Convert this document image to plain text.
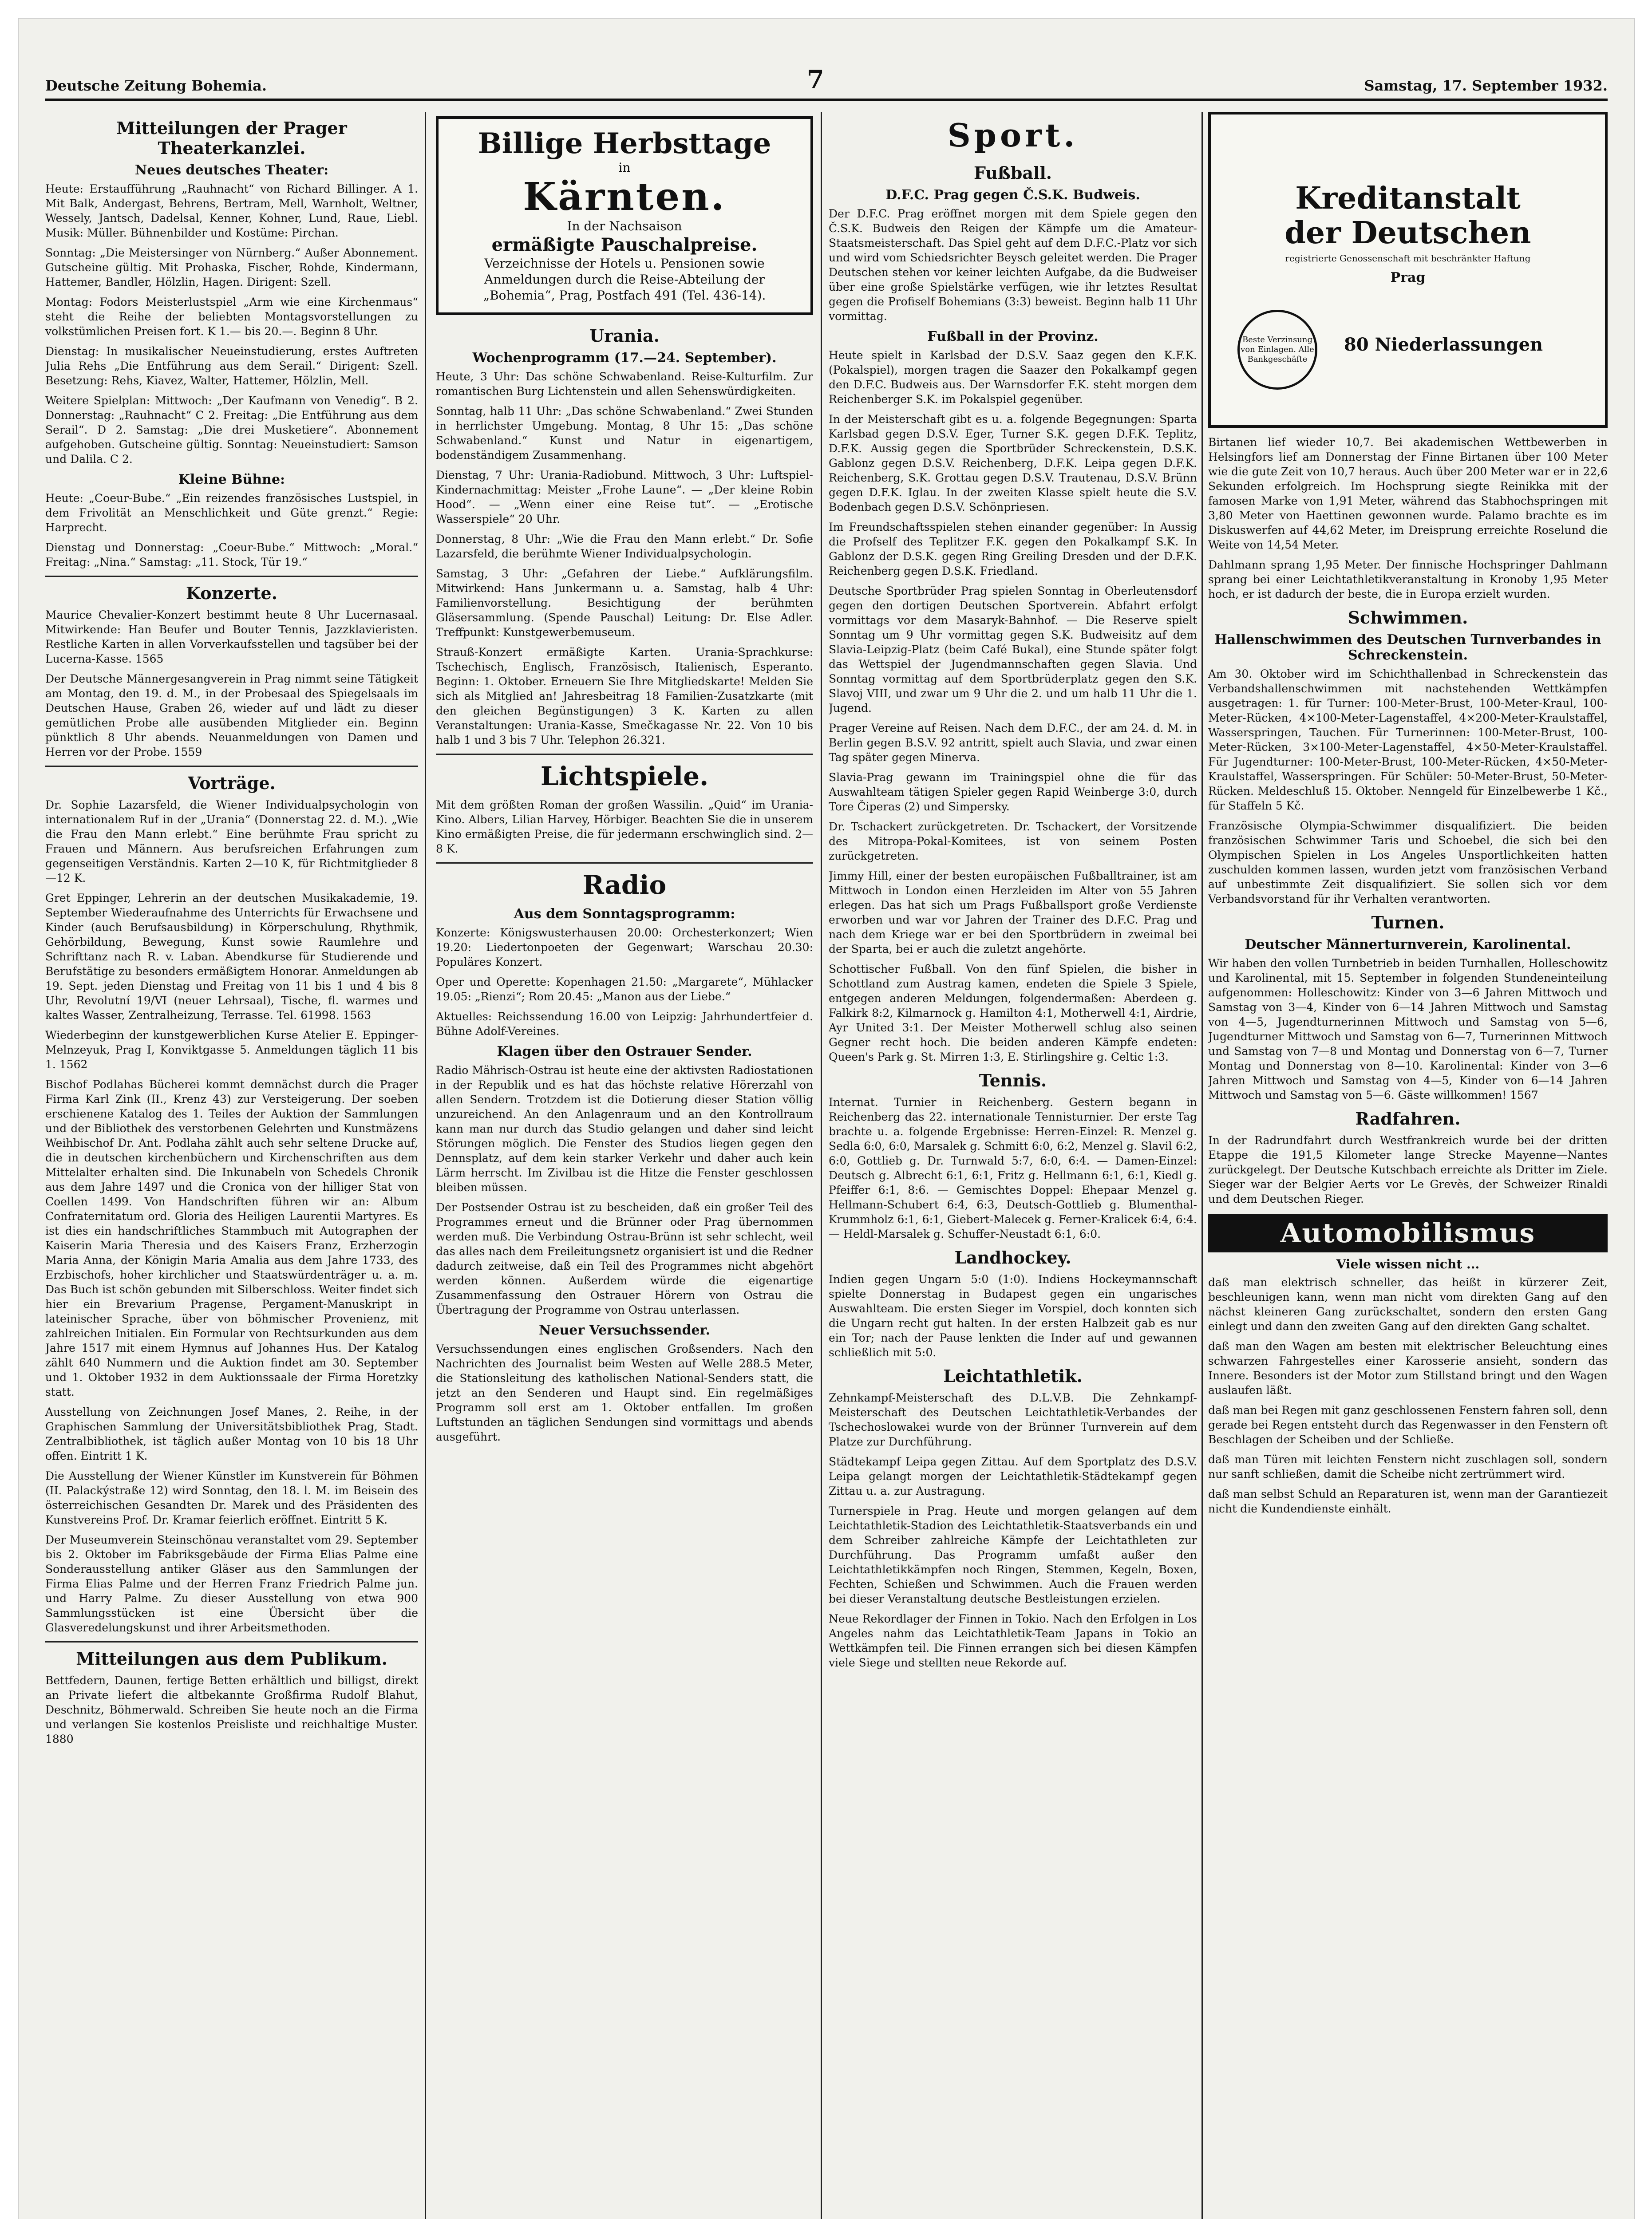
Deutsche Zeitung Bohemia.	7	Samstag, 17. September 1932.
Mitteilungen der Prager Theaterkanzlei.
Neues deutsches Theater:

Heute: Erstaufführung „Rauhnacht“ von Richard Billinger. A 1. Mit Balk, Andergast, Behrens, Bertram, Mell, Warnholt, Weltner, Wessely, Jantsch, Dadelsal, Kenner, Kohner, Lund, Raue, Liebl. Musik: Müller. Bühnenbilder und Kostüme: Pirchan.

Sonntag: „Die Meistersinger von Nürnberg.“ Außer Abonnement. Gutscheine gültig. Mit Prohaska, Fischer, Rohde, Kindermann, Hattemer, Bandler, Hölzlin, Hagen. Dirigent: Szell.

Montag: Fodors Meisterlustspiel „Arm wie eine Kirchenmaus“ steht die Reihe der beliebten Montagsvorstellungen zu volkstümlichen Preisen fort. K 1.— bis 20.—. Beginn 8 Uhr.

Dienstag: In musikalischer Neueinstudierung, erstes Auftreten Julia Rehs „Die Entführung aus dem Serail.“ Dirigent: Szell. Besetzung: Rehs, Kiavez, Walter, Hattemer, Hölzlin, Mell.

Weitere Spielplan: Mittwoch: „Der Kaufmann von Venedig“. B 2. Donnerstag: „Rauhnacht“ C 2. Freitag: „Die Entführung aus dem Serail“. D 2. Samstag: „Die drei Musketiere“. Abonnement aufgehoben. Gutscheine gültig. Sonntag: Neueinstudiert: Samson und Dalila. C 2.

Kleine Bühne:

Heute: „Coeur-Bube.“ „Ein reizendes französisches Lustspiel, in dem Frivolität an Menschlichkeit und Güte grenzt.“ Regie: Harprecht.

Dienstag und Donnerstag: „Coeur-Bube.“ Mittwoch: „Moral.“ Freitag: „Nina.“ Samstag: „11. Stock, Tür 19.“

Konzerte.

Maurice Chevalier-Konzert bestimmt heute 8 Uhr Lucernasaal. Mitwirkende: Han Beufer und Bouter Tennis, Jazzklavieristen. Restliche Karten in allen Vorverkaufsstellen und tagsüber bei der Lucerna-Kasse. 1565

Der Deutsche Männergesangverein in Prag nimmt seine Tätigkeit am Montag, den 19. d. M., in der Probesaal des Spiegelsaals im Deutschen Hause, Graben 26, wieder auf und lädt zu dieser gemütlichen Probe alle ausübenden Mitglieder ein. Beginn pünktlich 8 Uhr abends. Neuanmeldungen von Damen und Herren vor der Probe. 1559

Vorträge.

Dr. Sophie Lazarsfeld, die Wiener Individualpsychologin von internationalem Ruf in der „Urania“ (Donnerstag 22. d. M.). „Wie die Frau den Mann erlebt.“ Eine berühmte Frau spricht zu Frauen und Männern. Aus berufsreichen Erfahrungen zum gegenseitigen Verständnis. Karten 2—10 K, für Richtmitglieder 8—12 K.

Gret Eppinger, Lehrerin an der deutschen Musikakademie, 19. September Wiederaufnahme des Unterrichts für Erwachsene und Kinder (auch Berufsausbildung) in Körperschulung, Rhythmik, Gehörbildung, Bewegung, Kunst sowie Raumlehre und Schrifttanz nach R. v. Laban. Abendkurse für Studierende und Berufstätige zu besonders ermäßigtem Honorar. Anmeldungen ab 19. Sept. jeden Dienstag und Freitag von 11 bis 1 und 4 bis 8 Uhr, Revolutní 19/VI (neuer Lehrsaal), Tische, fl. warmes und kaltes Wasser, Zentralheizung, Terrasse. Tel. 61998. 1563

Wiederbeginn der kunstgewerblichen Kurse Atelier E. Eppinger-Melnzeyuk, Prag I, Konviktgasse 5. Anmeldungen täglich 11 bis 1. 1562

Bischof Podlahas Bücherei kommt demnächst durch die Prager Firma Karl Zink (II., Krenz 43) zur Versteigerung. Der soeben erschienene Katalog des 1. Teiles der Auktion der Sammlungen und der Bibliothek des verstorbenen Gelehrten und Kunstmäzens Weihbischof Dr. Ant. Podlaha zählt auch sehr seltene Drucke auf, die in deutschen kirchenbüchern und Kirchenschriften aus dem Mittelalter erhalten sind. Die Inkunabeln von Schedels Chronik aus dem Jahre 1497 und die Cronica von der hilliger Stat von Coellen 1499. Von Handschriften führen wir an: Album Confraternitatum ord. Gloria des Heiligen Laurentii Martyres. Es ist dies ein handschriftliches Stammbuch mit Autographen der Kaiserin Maria Theresia und des Kaisers Franz, Erzherzogin Maria Anna, der Königin Maria Amalia aus dem Jahre 1733, des Erzbischofs, hoher kirchlicher und Staatswürdenträger u. a. m. Das Buch ist schön gebunden mit Silberschloss. Weiter findet sich hier ein Brevarium Pragense, Pergament-Manuskript in lateinischer Sprache, über von böhmischer Provenienz, mit zahlreichen Initialen. Ein Formular von Rechtsurkunden aus dem Jahre 1517 mit einem Hymnus auf Johannes Hus. Der Katalog zählt 640 Nummern und die Auktion findet am 30. September und 1. Oktober 1932 in dem Auktionssaale der Firma Horetzky statt.

Ausstellung von Zeichnungen Josef Manes, 2. Reihe, in der Graphischen Sammlung der Universitätsbibliothek Prag, Stadt. Zentralbibliothek, ist täglich außer Montag von 10 bis 18 Uhr offen. Eintritt 1 K.

Die Ausstellung der Wiener Künstler im Kunstverein für Böhmen (II. Palackýstraße 12) wird Sonntag, den 18. l. M. im Beisein des österreichischen Gesandten Dr. Marek und des Präsidenten des Kunstvereins Prof. Dr. Kramar feierlich eröffnet. Eintritt 5 K.

Der Museumverein Steinschönau veranstaltet vom 29. September bis 2. Oktober im Fabriksgebäude der Firma Elias Palme eine Sonderausstellung antiker Gläser aus den Sammlungen der Firma Elias Palme und der Herren Franz Friedrich Palme jun. und Harry Palme. Zu dieser Ausstellung von etwa 900 Sammlungsstücken ist eine Übersicht über die Glasveredelungskunst und ihrer Arbeitsmethoden.

Mitteilungen aus dem Publikum.

Bettfedern, Daunen, fertige Betten erhältlich und billigst, direkt an Private liefert die altbekannte Großfirma Rudolf Blahut, Deschnitz, Böhmerwald. Schreiben Sie heute noch an die Firma und verlangen Sie kostenlos Preisliste und reichhaltige Muster. 1880

Billige Herbsttage
in
Kärnten.
In der Nachsaison
ermäßigte Pauschalpreise.
Verzeichnisse der Hotels u. Pensionen sowie Anmeldungen durch die Reise-Abteilung der „Bohemia“, Prag, Postfach 491 (Tel. 436-14).
Urania.
Wochenprogramm (17.—24. September).

Heute, 3 Uhr: Das schöne Schwabenland. Reise-Kulturfilm. Zur romantischen Burg Lichtenstein und allen Sehenswürdigkeiten.

Sonntag, halb 11 Uhr: „Das schöne Schwabenland.“ Zwei Stunden in herrlichster Umgebung. Montag, 8 Uhr 15: „Das schöne Schwabenland.“ Kunst und Natur in eigenartigem, bodenständigem Zusammenhang.

Dienstag, 7 Uhr: Urania-Radiobund. Mittwoch, 3 Uhr: Luftspiel-Kindernachmittag: Meister „Frohe Laune“. — „Der kleine Robin Hood“. — „Wenn einer eine Reise tut“. — „Erotische Wasserspiele“ 20 Uhr.

Donnerstag, 8 Uhr: „Wie die Frau den Mann erlebt.“ Dr. Sofie Lazarsfeld, die berühmte Wiener Individualpsychologin.

Samstag, 3 Uhr: „Gefahren der Liebe.“ Aufklärungsfilm. Mitwirkend: Hans Junkermann u. a. Samstag, halb 4 Uhr: Familienvorstellung. Besichtigung der berühmten Gläsersammlung. (Spende Pauschal) Leitung: Dr. Else Adler. Treffpunkt: Kunstgewerbemuseum.

Strauß-Konzert ermäßigte Karten. Urania-Sprachkurse: Tschechisch, Englisch, Französisch, Italienisch, Esperanto. Beginn: 1. Oktober. Erneuern Sie Ihre Mitgliedskarte! Melden Sie sich als Mitglied an! Jahresbeitrag 18 Familien-Zusatzkarte (mit den gleichen Begünstigungen) 3 K. Karten zu allen Veranstaltungen: Urania-Kasse, Smečkagasse Nr. 22. Von 10 bis halb 1 und 3 bis 7 Uhr. Telephon 26.321.

Lichtspiele.

Mit dem größten Roman der großen Wassilin. „Quid“ im Urania-Kino. Albers, Lilian Harvey, Hörbiger. Beachten Sie die in unserem Kino ermäßigten Preise, die für jedermann erschwinglich sind. 2—8 K.

Radio
Aus dem Sonntagsprogramm:

Konzerte: Königswusterhausen 20.00: Orchesterkonzert; Wien 19.20: Liedertonpoeten der Gegenwart; Warschau 20.30: Populäres Konzert.

Oper und Operette: Kopenhagen 21.50: „Margarete“, Mühlacker 19.05: „Rienzi“; Rom 20.45: „Manon aus der Liebe.“

Aktuelles: Reichssendung 16.00 von Leipzig: Jahrhundertfeier d. Bühne Adolf-Vereines.

Klagen über den Ostrauer Sender.

Radio Mährisch-Ostrau ist heute eine der aktivsten Radiostationen in der Republik und es hat das höchste relative Hörerzahl von allen Sendern. Trotzdem ist die Dotierung dieser Station völlig unzureichend. An den Anlagenraum und an den Kontrollraum kann man nur durch das Studio gelangen und daher sind leicht Störungen möglich. Die Fenster des Studios liegen gegen den Dennsplatz, auf dem kein starker Verkehr und daher auch kein Lärm herrscht. Im Zivilbau ist die Hitze die Fenster geschlossen bleiben müssen.

Der Postsender Ostrau ist zu bescheiden, daß ein großer Teil des Programmes erneut und die Brünner oder Prag übernommen werden muß. Die Verbindung Ostrau-Brünn ist sehr schlecht, weil das alles nach dem Freileitungsnetz organisiert ist und die Redner dadurch zeitweise, daß ein Teil des Programmes nicht abgehört werden können. Außerdem würde die eigenartige Zusammenfassung den Ostrauer Hörern von Ostrau die Übertragung der Programme von Ostrau unterlassen.

Neuer Versuchssender.

Versuchssendungen eines englischen Großsenders. Nach den Nachrichten des Journalist beim Westen auf Welle 288.5 Meter, die Stationsleitung des katholischen National-Senders statt, die jetzt an den Senderen und Haupt sind. Ein regelmäßiges Programm soll erst am 1. Oktober entfallen. Im großen Luftstunden an täglichen Sendungen sind vormittags und abends ausgeführt.

Sport.
Fußball.
D.F.C. Prag gegen Č.S.K. Budweis.

Der D.F.C. Prag eröffnet morgen mit dem Spiele gegen den Č.S.K. Budweis den Reigen der Kämpfe um die Amateur-Staatsmeisterschaft. Das Spiel geht auf dem D.F.C.-Platz vor sich und wird vom Schiedsrichter Beysch geleitet werden. Die Prager Deutschen stehen vor keiner leichten Aufgabe, da die Budweiser über eine große Spielstärke verfügen, wie ihr letztes Resultat gegen die Profiself Bohemians (3:3) beweist. Beginn halb 11 Uhr vormittag.

Fußball in der Provinz.

Heute spielt in Karlsbad der D.S.V. Saaz gegen den K.F.K. (Pokalspiel), morgen tragen die Saazer den Pokalkampf gegen den D.F.C. Budweis aus. Der Warnsdorfer F.K. steht morgen dem Reichenberger S.K. im Pokalspiel gegenüber.

In der Meisterschaft gibt es u. a. folgende Begegnungen: Sparta Karlsbad gegen D.S.V. Eger, Turner S.K. gegen D.F.K. Teplitz, D.F.K. Aussig gegen die Sportbrüder Schreckenstein, D.S.K. Gablonz gegen D.S.V. Reichenberg, D.F.K. Leipa gegen D.F.K. Reichenberg, S.K. Grottau gegen D.S.V. Trautenau, D.S.V. Brünn gegen D.F.K. Iglau. In der zweiten Klasse spielt heute die S.V. Bodenbach gegen D.S.V. Schönpriesen.

Im Freundschaftsspielen stehen einander gegenüber: In Aussig die Profself des Teplitzer F.K. gegen den Pokalkampf S.K. In Gablonz der D.S.K. gegen Ring Greiling Dresden und der D.F.K. Reichenberg gegen D.S.K. Friedland.

Deutsche Sportbrüder Prag spielen Sonntag in Oberleutensdorf gegen den dortigen Deutschen Sportverein. Abfahrt erfolgt vormittags vor dem Masaryk-Bahnhof. — Die Reserve spielt Sonntag um 9 Uhr vormittag gegen S.K. Budweisitz auf dem Slavia-Leipzig-Platz (beim Café Bukal), eine Stunde später folgt das Wettspiel der Jugendmannschaften gegen Slavia. Und Sonntag vormittag auf dem Sportbrüderplatz gegen den S.K. Slavoj VIII, und zwar um 9 Uhr die 2. und um halb 11 Uhr die 1. Jugend.

Prager Vereine auf Reisen. Nach dem D.F.C., der am 24. d. M. in Berlin gegen B.S.V. 92 antritt, spielt auch Slavia, und zwar einen Tag später gegen Minerva.

Slavia-Prag gewann im Trainingspiel ohne die für das Auswahlteam tätigen Spieler gegen Rapid Weinberge 3:0, durch Tore Čiperas (2) und Simpersky.

Dr. Tschackert zurückgetreten. Dr. Tschackert, der Vorsitzende des Mitropa-Pokal-Komitees, ist von seinem Posten zurückgetreten.

Jimmy Hill, einer der besten europäischen Fußballtrainer, ist am Mittwoch in London einen Herzleiden im Alter von 55 Jahren erlegen. Das hat sich um Prags Fußballsport große Verdienste erworben und war vor Jahren der Trainer des D.F.C. Prag und nach dem Kriege war er bei den Sportbrüdern in zweimal bei der Sparta, bei er auch die zuletzt angehörte.

Schottischer Fußball. Von den fünf Spielen, die bisher in Schottland zum Austrag kamen, endeten die Spiele 3 Spiele, entgegen anderen Meldungen, folgendermaßen: Aberdeen g. Falkirk 8:2, Kilmarnock g. Hamilton 4:1, Motherwell 4:1, Airdrie, Ayr United 3:1. Der Meister Motherwell schlug also seinen Gegner recht hoch. Die beiden anderen Kämpfe endeten: Queen's Park g. St. Mirren 1:3, E. Stirlingshire g. Celtic 1:3.

Tennis.

Internat. Turnier in Reichenberg. Gestern begann in Reichenberg das 22. internationale Tennisturnier. Der erste Tag brachte u. a. folgende Ergebnisse: Herren-Einzel: R. Menzel g. Sedla 6:0, 6:0, Marsalek g. Schmitt 6:0, 6:2, Menzel g. Slavil 6:2, 6:0, Gottlieb g. Dr. Turnwald 5:7, 6:0, 6:4. — Damen-Einzel: Deutsch g. Albrecht 6:1, 6:1, Fritz g. Hellmann 6:1, 6:1, Kiedl g. Pfeiffer 6:1, 8:6. — Gemischtes Doppel: Ehepaar Menzel g. Hellmann-Schubert 6:4, 6:3, Deutsch-Gottlieb g. Blumenthal-Krummholz 6:1, 6:1, Giebert-Malecek g. Ferner-Kralicek 6:4, 6:4. — Heldl-Marsalek g. Schuffer-Neustadt 6:1, 6:0.

Landhockey.

Indien gegen Ungarn 5:0 (1:0). Indiens Hockeymannschaft spielte Donnerstag in Budapest gegen ein ungarisches Auswahlteam. Die ersten Sieger im Vorspiel, doch konnten sich die Ungarn recht gut halten. In der ersten Halbzeit gab es nur ein Tor; nach der Pause lenkten die Inder auf und gewannen schließlich mit 5:0.

Leichtathletik.

Zehnkampf-Meisterschaft des D.L.V.B. Die Zehnkampf-Meisterschaft des Deutschen Leichtathletik-Verbandes der Tschechoslowakei wurde von der Brünner Turnverein auf dem Platze zur Durchführung.

Städtekampf Leipa gegen Zittau. Auf dem Sportplatz des D.S.V. Leipa gelangt morgen der Leichtathletik-Städtekampf gegen Zittau u. a. zur Austragung.

Turnerspiele in Prag. Heute und morgen gelangen auf dem Leichtathletik-Stadion des Leichtathletik-Staatsverbands ein und dem Schreiber zahlreiche Kämpfe der Leichtathleten zur Durchführung. Das Programm umfaßt außer den Leichtathletikkämpfen noch Ringen, Stemmen, Kegeln, Boxen, Fechten, Schießen und Schwimmen. Auch die Frauen werden bei dieser Veranstaltung deutsche Bestleistungen erzielen.

Neue Rekordlager der Finnen in Tokio. Nach den Erfolgen in Los Angeles nahm das Leichtathletik-Team Japans in Tokio an Wettkämpfen teil. Die Finnen errangen sich bei diesen Kämpfen viele Siege und stellten neue Rekorde auf.

Kreditanstalt
der Deutschen
registrierte Genossenschaft mit beschränkter Haftung
Prag
Beste Verzinsung von Einlagen. Alle Bankgeschäfte
80 Niederlassungen

Birtanen lief wieder 10,7. Bei akademischen Wettbewerben in Helsingfors lief am Donnerstag der Finne Birtanen über 100 Meter wie die gute Zeit von 10,7 heraus. Auch über 200 Meter war er in 22,6 Sekunden erfolgreich. Im Hochsprung siegte Reinikka mit der famosen Marke von 1,91 Meter, während das Stabhochspringen mit 3,80 Meter von Haettinen gewonnen wurde. Palamo brachte es im Diskuswerfen auf 44,62 Meter, im Dreisprung erreichte Roselund die Weite von 14,54 Meter.

Dahlmann sprang 1,95 Meter. Der finnische Hochspringer Dahlmann sprang bei einer Leichtathletikveranstaltung in Kronoby 1,95 Meter hoch, er ist dadurch der beste, die in Europa erzielt wurden.

Schwimmen.
Hallenschwimmen des Deutschen Turnverbandes in Schreckenstein.

Am 30. Oktober wird im Schichthallenbad in Schreckenstein das Verbandshallenschwimmen mit nachstehenden Wettkämpfen ausgetragen: 1. für Turner: 100-Meter-Brust, 100-Meter-Kraul, 100-Meter-Rücken, 4×100-Meter-Lagenstaffel, 4×200-Meter-Kraulstaffel, Wasserspringen, Tauchen. Für Turnerinnen: 100-Meter-Brust, 100-Meter-Rücken, 3×100-Meter-Lagenstaffel, 4×50-Meter-Kraulstaffel. Für Jugendturner: 100-Meter-Brust, 100-Meter-Rücken, 4×50-Meter-Kraulstaffel, Wasserspringen. Für Schüler: 50-Meter-Brust, 50-Meter-Rücken. Meldeschluß 15. Oktober. Nenngeld für Einzelbewerbe 1 Kč., für Staffeln 5 Kč.

Französische Olympia-Schwimmer disqualifiziert. Die beiden französischen Schwimmer Taris und Schoebel, die sich bei den Olympischen Spielen in Los Angeles Unsportlichkeiten hatten zuschulden kommen lassen, wurden jetzt vom französischen Verband auf unbestimmte Zeit disqualifiziert. Sie sollen sich vor dem Verbandsvorstand für ihr Verhalten verantworten.

Turnen.
Deutscher Männerturnverein, Karolinental.

Wir haben den vollen Turnbetrieb in beiden Turnhallen, Holleschowitz und Karolinental, mit 15. September in folgenden Stundeneinteilung aufgenommen: Holleschowitz: Kinder von 3—6 Jahren Mittwoch und Samstag von 3—4, Kinder von 6—14 Jahren Mittwoch und Samstag von 4—5, Jugendturnerinnen Mittwoch und Samstag von 5—6, Jugendturner Mittwoch und Samstag von 6—7, Turnerinnen Mittwoch und Samstag von 7—8 und Montag und Donnerstag von 6—7, Turner Montag und Donnerstag von 8—10. Karolinental: Kinder von 3—6 Jahren Mittwoch und Samstag von 4—5, Kinder von 6—14 Jahren Mittwoch und Samstag von 5—6. Gäste willkommen! 1567

Radfahren.

In der Radrundfahrt durch Westfrankreich wurde bei der dritten Etappe die 191,5 Kilometer lange Strecke Mayenne—Nantes zurückgelegt. Der Deutsche Kutschbach erreichte als Dritter im Ziele. Sieger war der Belgier Aerts vor Le Grevès, der Schweizer Rinaldi und dem Deutschen Rieger.

Automobilismus
Viele wissen nicht ...

daß man elektrisch schneller, das heißt in kürzerer Zeit, beschleunigen kann, wenn man nicht vom direkten Gang auf den nächst kleineren Gang zurückschaltet, sondern den ersten Gang einlegt und dann den zweiten Gang auf den direkten Gang schaltet.

daß man den Wagen am besten mit elektrischer Beleuchtung eines schwarzen Fahrgestelles einer Karosserie ansieht, sondern das Innere. Besonders ist der Motor zum Stillstand bringt und den Wagen auslaufen läßt.

daß man bei Regen mit ganz geschlossenen Fenstern fahren soll, denn gerade bei Regen entsteht durch das Regenwasser in den Fenstern oft Beschlagen der Scheiben und der Schließe.

daß man Türen mit leichten Fenstern nicht zuschlagen soll, sondern nur sanft schließen, damit die Scheibe nicht zertrümmert wird.

daß man selbst Schuld an Reparaturen ist, wenn man der Garantiezeit nicht die Kundendienste einhält.
